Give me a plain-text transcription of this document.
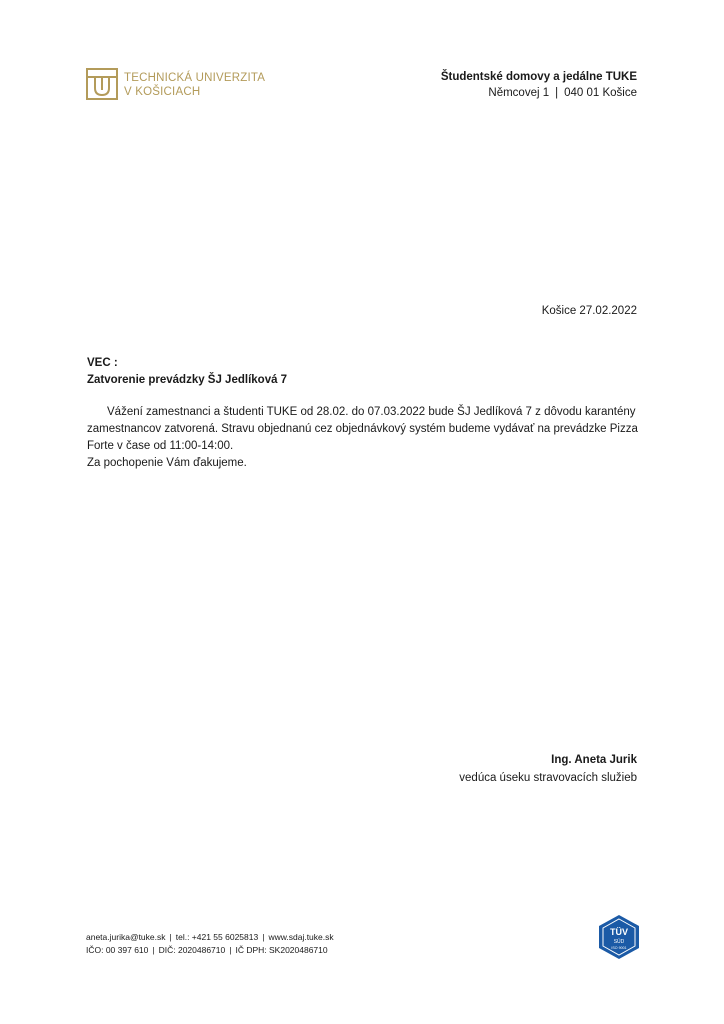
TECHNICKÁ UNIVERZITA
V KOŠICIACH
Študentské domovy a jedálne TUKE
Němcovej 1 | 040 01 Košice
Košice 27.02.2022
VEC :
Zatvorenie prevádzky ŠJ Jedlíková 7

Vážení zamestnanci a študenti TUKE od 28.02. do 07.03.2022 bude ŠJ Jedlíková 7 z dôvodu karantény zamestnancov zatvorená. Stravu objednanú cez objednávkový systém budeme vydávať na prevádzke Pizza Forte v čase od 11:00-14:00.

Za pochopenie Vám ďakujeme.

Ing. Aneta Jurik
vedúca úseku stravovacích služieb
aneta.jurika@tuke.sk | tel.: +421 55 6025813 | www.sdaj.tuke.sk
IČO: 00 397 610 | DIČ: 2020486710 | IČ DPH: SK2020486710
TÜV
SÜD
ISO 9001
